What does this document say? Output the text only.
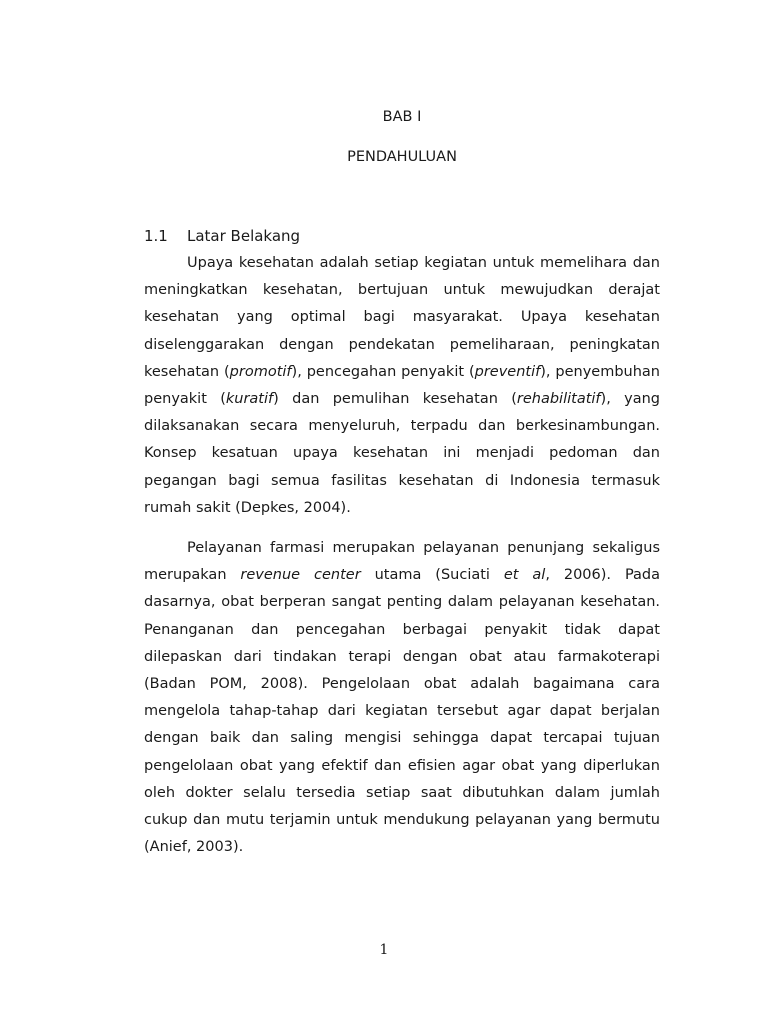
BAB I
PENDAHULUAN
1.1 Latar Belakang

Upaya kesehatan adalah setiap kegiatan untuk memelihara dan meningkatkan kesehatan, bertujuan untuk mewujudkan derajat kesehatan yang optimal bagi masyarakat. Upaya kesehatan diselenggarakan dengan pendekatan pemeliharaan, peningkatan kesehatan (promotif), pencegahan penyakit (preventif), penyembuhan penyakit (kuratif) dan pemulihan kesehatan (rehabilitatif), yang dilaksanakan secara menyeluruh, terpadu dan berkesinambungan. Konsep kesatuan upaya kesehatan ini menjadi pedoman dan pegangan bagi semua fasilitas kesehatan di Indonesia termasuk rumah sakit (Depkes, 2004).

Pelayanan farmasi merupakan pelayanan penunjang sekaligus merupakan revenue center utama (Suciati et al, 2006). Pada dasarnya, obat berperan sangat penting dalam pelayanan kesehatan. Penanganan dan pencegahan berbagai penyakit tidak dapat dilepaskan dari tindakan terapi dengan obat atau farmakoterapi (Badan POM, 2008). Pengelolaan obat adalah bagaimana cara mengelola tahap-tahap dari kegiatan tersebut agar dapat berjalan dengan baik dan saling mengisi sehingga dapat tercapai tujuan pengelolaan obat yang efektif dan efisien agar obat yang diperlukan oleh dokter selalu tersedia setiap saat dibutuhkan dalam jumlah cukup dan mutu terjamin untuk mendukung pelayanan yang bermutu (Anief, 2003).

1
